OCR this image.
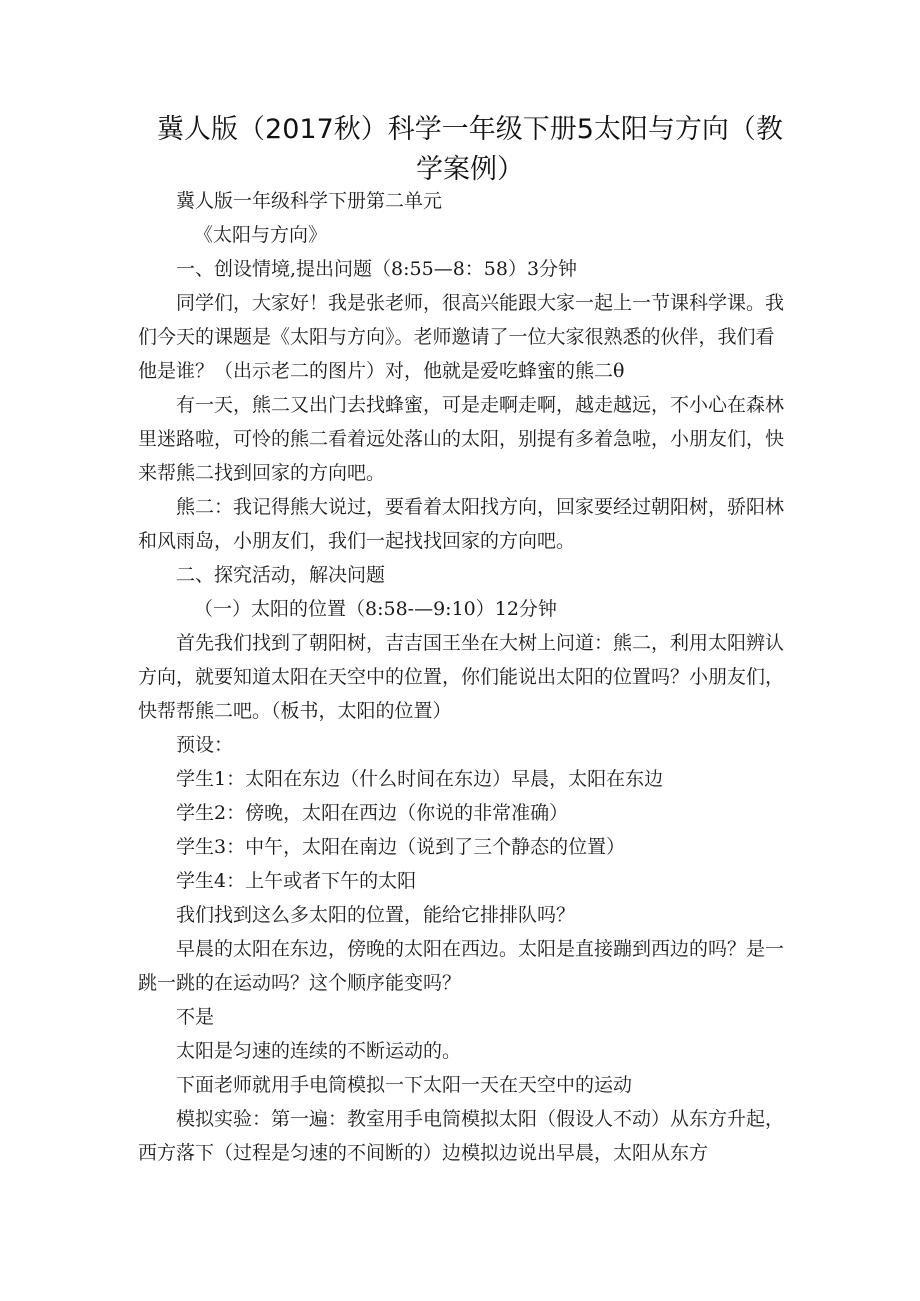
冀人版（2017秋）科学一年级下册5太阳与方向（教学案例）

冀人版一年级科学下册第二单元

《太阳与方向》

一、创设情境,提出问题（8:55—8：58）3分钟

同学们，大家好！我是张老师，很高兴能跟大家一起上一节课科学课。我们今天的课题是《太阳与方向》。老师邀请了一位大家很熟悉的伙伴，我们看他是谁？（出示老二的图片）对，他就是爱吃蜂蜜的熊二θ

有一天，熊二又出门去找蜂蜜，可是走啊走啊，越走越远，不小心在森林里迷路啦，可怜的熊二看着远处落山的太阳，别提有多着急啦，小朋友们，快来帮熊二找到回家的方向吧。

熊二：我记得熊大说过，要看着太阳找方向，回家要经过朝阳树，骄阳林和风雨岛，小朋友们，我们一起找找回家的方向吧。

二、探究活动，解决问题

（一）太阳的位置（8:58-—9:10）12分钟

首先我们找到了朝阳树，吉吉国王坐在大树上问道：熊二，利用太阳辨认方向，就要知道太阳在天空中的位置，你们能说出太阳的位置吗？小朋友们，快帮帮熊二吧。（板书，太阳的位置）

预设：

学生1：太阳在东边（什么时间在东边）早晨，太阳在东边

学生2：傍晚，太阳在西边（你说的非常准确）

学生3：中午，太阳在南边（说到了三个静态的位置）

学生4：上午或者下午的太阳

我们找到这么多太阳的位置，能给它排排队吗？

早晨的太阳在东边，傍晚的太阳在西边。太阳是直接蹦到西边的吗？是一跳一跳的在运动吗？这个顺序能变吗？

不是

太阳是匀速的连续的不断运动的。

下面老师就用手电筒模拟一下太阳一天在天空中的运动

模拟实验：第一遍：教室用手电筒模拟太阳（假设人不动）从东方升起，西方落下（过程是匀速的不间断的）边模拟边说出早晨，太阳从东方
